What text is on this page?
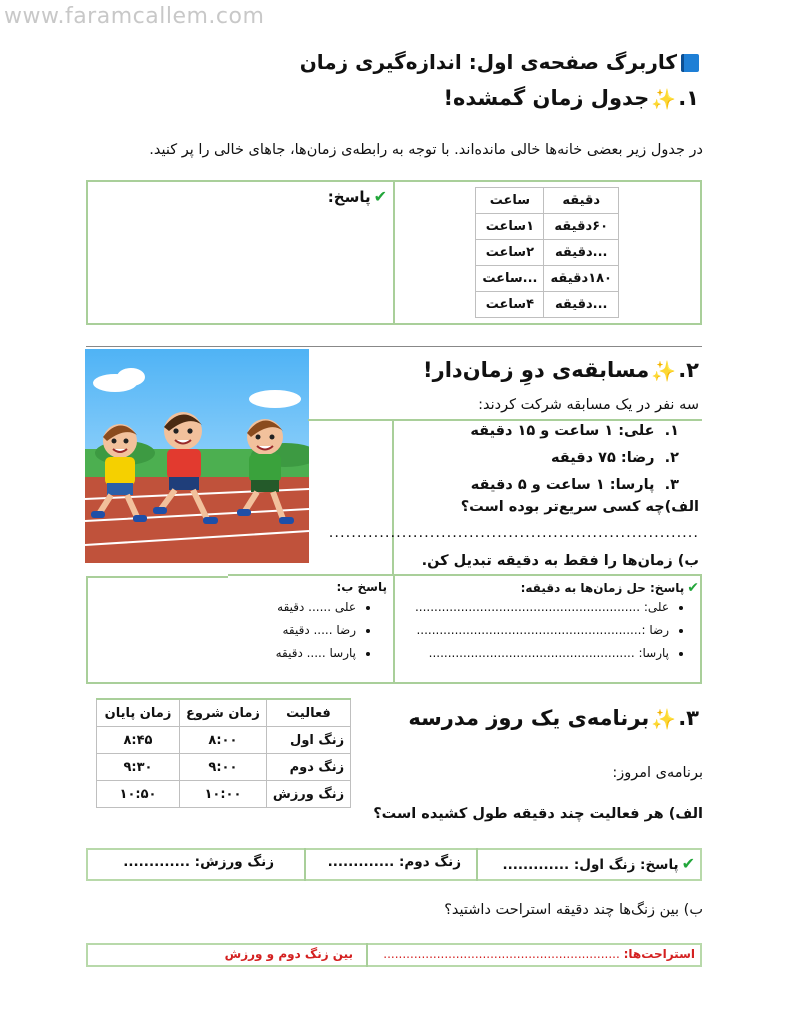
www.faramcallem.com
کاربرگ صفحه‌ی اول: اندازه‌گیری زمان
۱.✨جدول زمان گمشده!
در جدول زیر بعضی خانه‌ها خالی مانده‌اند. با توجه به رابطه‌ی زمان‌ها، جاهای خالی را پر کنید.
دقیقه	ساعت
۶۰دقیقه	۱ساعت
...دقیقه	۲ساعت
۱۸۰دقیقه	...ساعت
...دقیقه	۴ساعت
✔پاسخ:
۲.✨مسابقه‌ی دوِ زمان‌دار!
سه نفر در یک مسابقه شرکت کردند:
۱.  علی: ۱ ساعت و ۱۵ دقیقه
۲.  رضا: ۷۵ دقیقه
۳.  پارسا: ۱ ساعت و ۵ دقیقه
الف)چه کسی سریع‌تر بوده است؟
..................................................................
ب) زمان‌ها را فقط به دقیقه تبدیل کن.
✔پاسخ: حل زمان‌ها به دقیقه:
• علی: ...........................................................
• رضا :...........................................................
• پارسا: ......................................................
پاسخ ب:
• علی ...... دقیقه
• رضا ..... دقیقه
• پارسا ..... دقیقه
فعالیت	زمان شروع	زمان پایان
زنگ اول	۸:۰۰	۸:۴۵
زنگ دوم	۹:۰۰	۹:۳۰
زنگ ورزش	۱۰:۰۰	۱۰:۵۰
۳.✨برنامه‌ی یک روز مدرسه
برنامه‌ی امروز:
الف) هر فعالیت چند دقیقه طول کشیده است؟
✔پاسخ: زنگ اول: .............
زنگ دوم: .............
زنگ ورزش: .............
ب) بین زنگ‌ها چند دقیقه استراحت داشتید؟
استراحت‌ها: ..............................................................
بین زنگ دوم و ورزش
